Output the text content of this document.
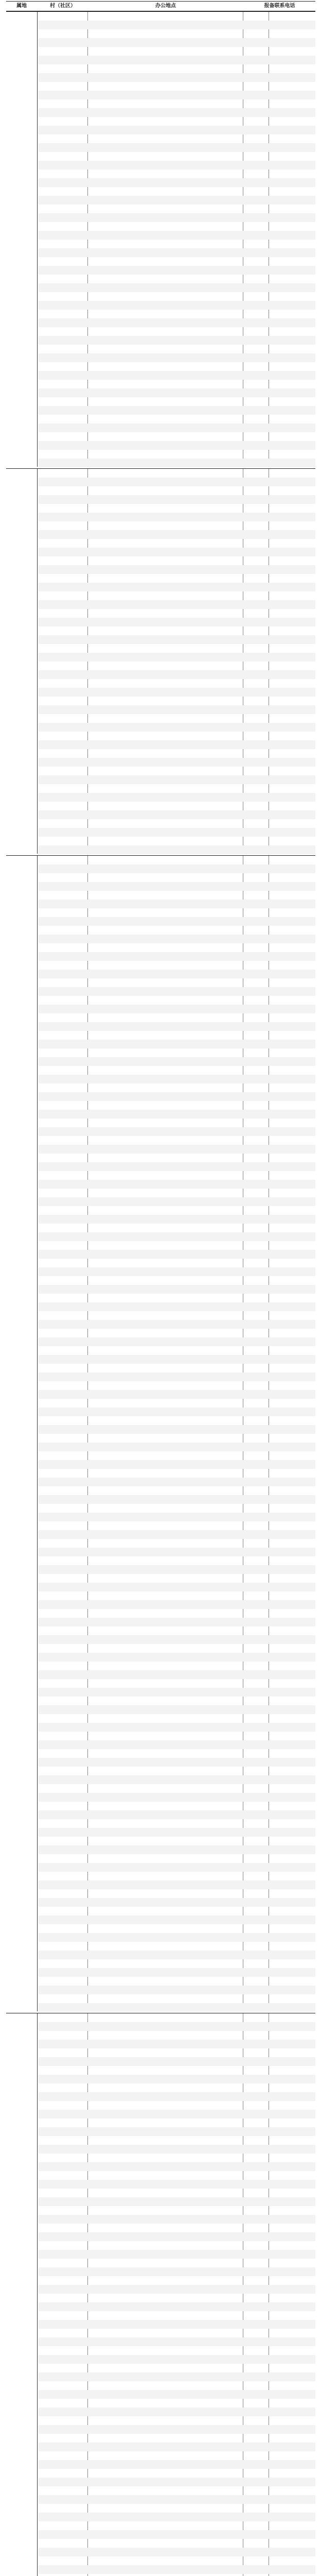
属地	村（社区）	办公地点	报备联系电话
